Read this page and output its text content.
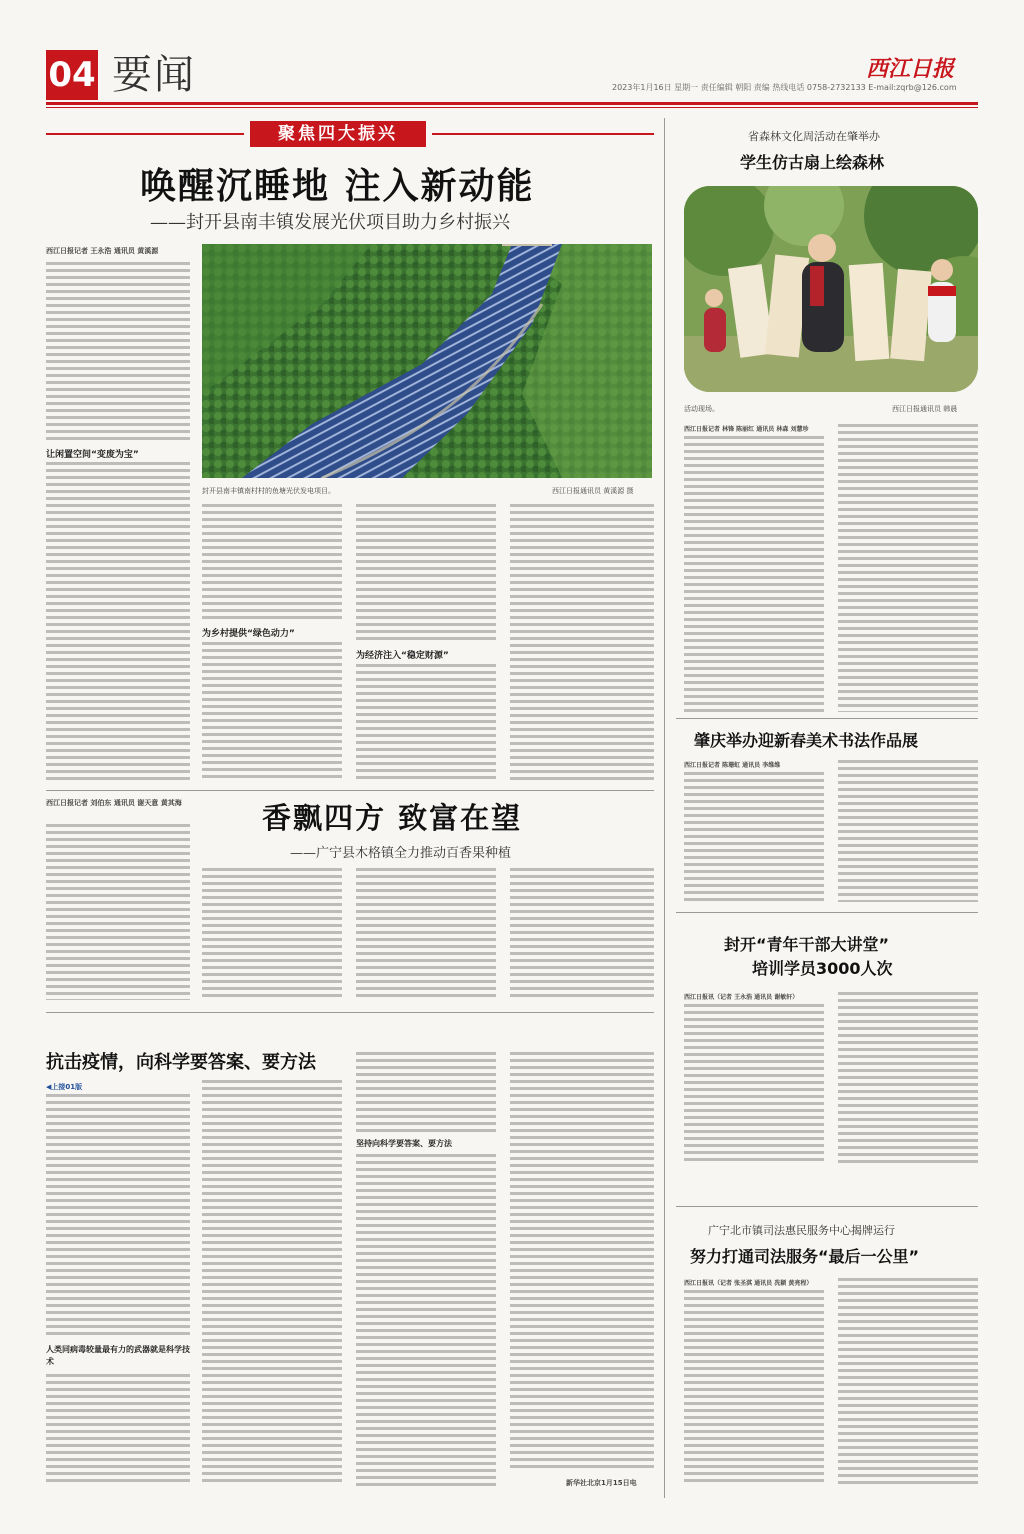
04 要闻	2023年1月16日 星期一 责任编辑 朝阳 责编 热线电话 0758-2732133 E-mail:zqrb@126.com
西江日报
聚焦四大振兴
唤醒沉睡地 注入新动能
——封开县南丰镇发展光伏项目助力乡村振兴
西江日报记者 王永浩 通讯员 黄溪源
封开县南丰镇南村村的鱼塘光伏发电项目。	西江日报通讯员 黄溪源 摄
让闲置空间“变废为宝”
为乡村提供“绿色动力”
为经济注入“稳定财源”
西江日报记者 刘伯东 通讯员 谢天意 黄其海	香飘四方 致富在望
——广宁县木格镇全力推动百香果种植
抗击疫情，向科学要答案、要方法
◀上接01版
人类同病毒较量最有力的武器就是科学技术
坚持向科学要答案、要方法
新华社北京1月15日电
省森林文化周活动在肇举办
学生仿古扇上绘森林
活动现场。	西江日报通讯员 韩晨
西江日报记者 林锋 陈丽红 通讯员 林森 刘慧珍
肇庆举办迎新春美术书法作品展
西江日报记者 陈珊虹 通讯员 李维维
封开“青年干部大讲堂”
培训学员3000人次
西江日报讯（记者 王永浩 通讯员 谢敏轩）
广宁北市镇司法惠民服务中心揭牌运行
努力打通司法服务“最后一公里”
西江日报讯（记者 张圣淇 通讯员 冼颖 黄亮程）
